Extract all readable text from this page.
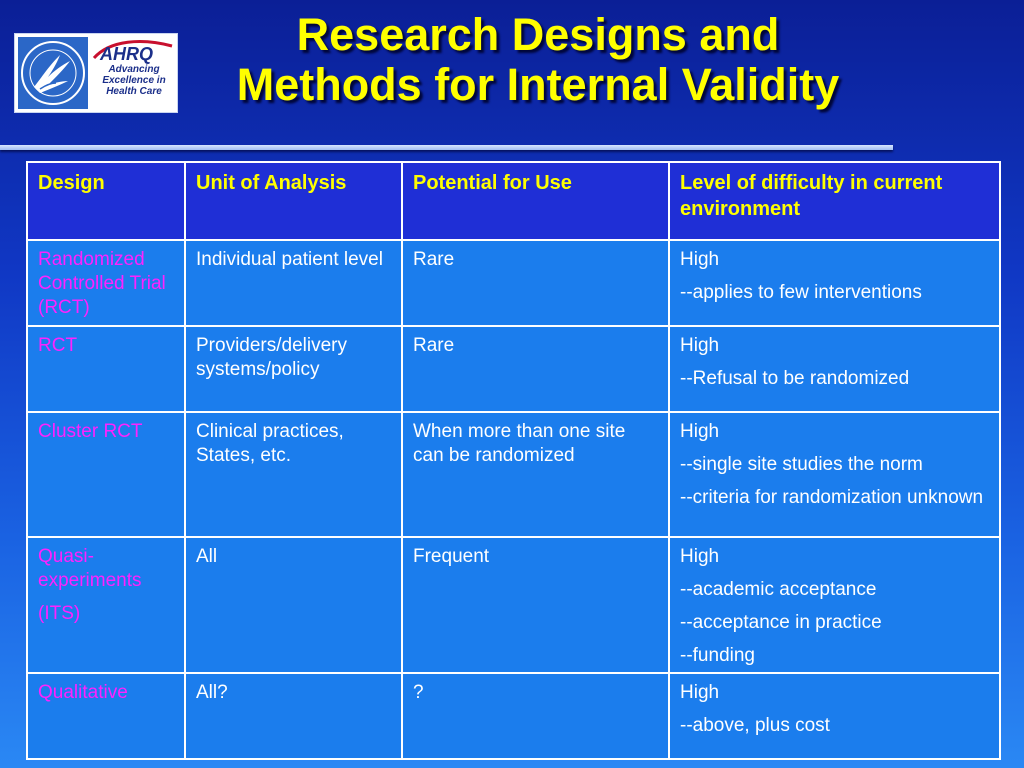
AHRQ
Advancing
Excellence in
Health Care
Research Designs and
Methods for Internal Validity
Design	Unit of Analysis	Potential for Use	Level of difficulty in current environment

Randomized Controlled Trial (RCT)	Individual patient level	Rare	High
--applies to few interventions

RCT	Providers/delivery systems/policy	Rare	High
--Refusal to be randomized

Cluster RCT	Clinical practices, States, etc.	When more than one site can be randomized	High
--single site studies the norm
--criteria for randomization unknown

Quasi-experiments
(ITS)	All	Frequent	High
--academic acceptance
--acceptance in practice
--funding

Qualitative	All?	?	High
--above, plus cost
